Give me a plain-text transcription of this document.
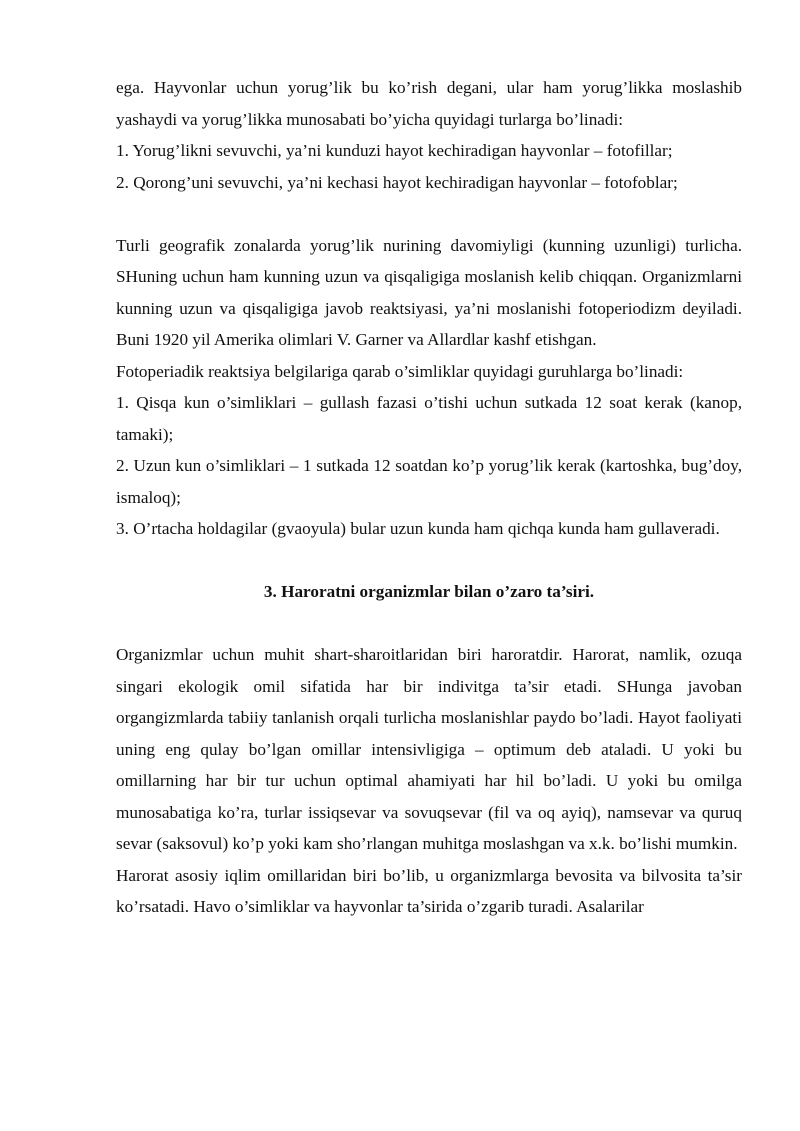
ega. Hayvonlar uchun yorug’lik bu ko’rish degani, ular ham yorug’likka moslashib yashaydi va yorug’likka munosabati bo’yicha quyidagi turlarga bo’linadi:

1. Yorug’likni sevuvchi, ya’ni kunduzi hayot kechiradigan hayvonlar – fotofillar;

2. Qorong’uni sevuvchi, ya’ni kechasi hayot kechiradigan hayvonlar – fotofoblar;

Turli geografik zonalarda yorug’lik nurining davomiyligi (kunning uzunligi) turlicha. SHuning uchun ham kunning uzun va qisqaligiga moslanish kelib chiqqan. Organizmlarni kunning uzun va qisqaligiga javob reaktsiyasi, ya’ni moslanishi fotoperiodizm deyiladi. Buni 1920 yil Amerika olimlari V. Garner va Allardlar kashf etishgan.

Fotoperiadik reaktsiya belgilariga qarab o’simliklar quyidagi guruhlarga bo’linadi:

1. Qisqa kun o’simliklari – gullash fazasi o’tishi uchun sutkada 12 soat kerak (kanop, tamaki);

2. Uzun kun o’simliklari – 1 sutkada 12 soatdan ko’p yorug’lik kerak (kartoshka, bug’doy, ismaloq);

3. O’rtacha holdagilar (gvaoyula) bular uzun kunda ham qichqa kunda ham gullaveradi.

3. Haroratni organizmlar bilan o’zaro ta’siri.

Organizmlar uchun muhit shart-sharoitlaridan biri haroratdir. Harorat, namlik, ozuqa singari ekologik omil sifatida har bir indivitga ta’sir etadi. SHunga javoban organgizmlarda tabiiy tanlanish orqali turlicha moslanishlar paydo bo’ladi. Hayot faoliyati uning eng qulay bo’lgan omillar intensivligiga – optimum deb ataladi. U yoki bu omillarning har bir tur uchun optimal ahamiyati har hil bo’ladi. U yoki bu omilga munosabatiga ko’ra, turlar issiqsevar va sovuqsevar (fil va oq ayiq), namsevar va quruq sevar (saksovul) ko’p yoki kam sho’rlangan muhitga moslashgan va x.k. bo’lishi mumkin.

Harorat asosiy iqlim omillaridan biri bo’lib, u organizmlarga bevosita va bilvosita ta’sir ko’rsatadi. Havo o’simliklar va hayvonlar ta’sirida o’zgarib turadi. Asalarilar
